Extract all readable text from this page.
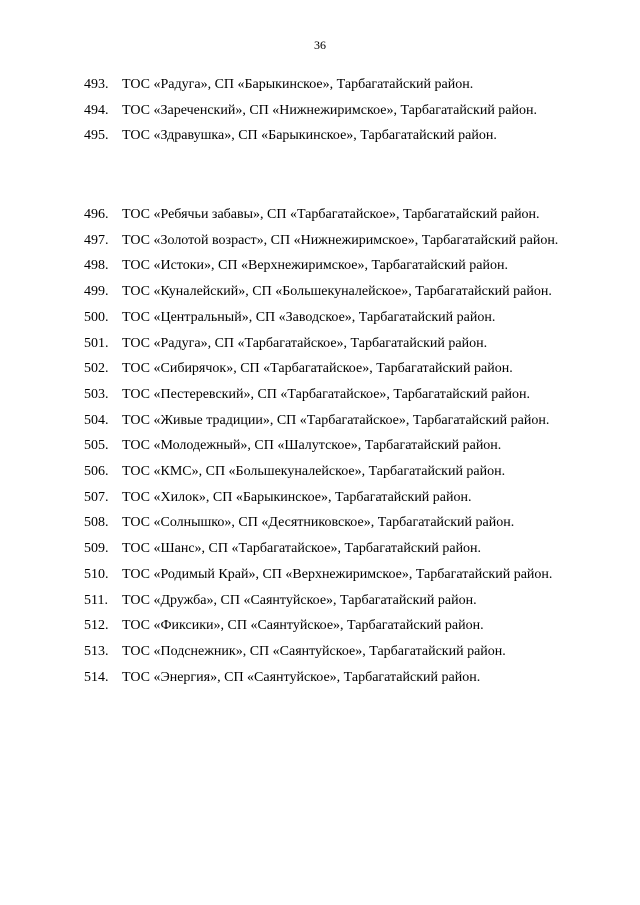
36

493. ТОС «Радуга», СП «Барыкинское», Тарбагатайский район.

494. ТОС «Зареченский», СП «Нижнежиримское», Тарбагатайский район.

495. ТОС «Здравушка», СП «Барыкинское», Тарбагатайский район.

496. ТОС «Ребячьи забавы», СП «Тарбагатайское», Тарбагатайский район.

497. ТОС «Золотой возраст», СП «Нижнежиримское», Тарбагатайский район.

498. ТОС «Истоки», СП «Верхнежиримское», Тарбагатайский район.

499. ТОС «Куналейский», СП «Большекуналейское», Тарбагатайский район.

500. ТОС «Центральный», СП «Заводское», Тарбагатайский район.

501. ТОС «Радуга», СП «Тарбагатайское», Тарбагатайский район.

502. ТОС «Сибирячок», СП «Тарбагатайское», Тарбагатайский район.

503. ТОС «Пестеревский», СП «Тарбагатайское», Тарбагатайский район.

504. ТОС «Живые традиции», СП «Тарбагатайское», Тарбагатайский район.

505. ТОС «Молодежный», СП «Шалутское», Тарбагатайский район.

506. ТОС «КМС», СП «Большекуналейское», Тарбагатайский район.

507. ТОС «Хилок», СП «Барыкинское», Тарбагатайский район.

508. ТОС «Солнышко», СП «Десятниковское», Тарбагатайский район.

509. ТОС «Шанс», СП «Тарбагатайское», Тарбагатайский район.

510. ТОС «Родимый Край», СП «Верхнежиримское», Тарбагатайский район.

511. ТОС «Дружба», СП «Саянтуйское», Тарбагатайский район.

512. ТОС «Фиксики», СП «Саянтуйское», Тарбагатайский район.

513. ТОС «Подснежник», СП «Саянтуйское», Тарбагатайский район.

514. ТОС «Энергия», СП «Саянтуйское», Тарбагатайский район.
